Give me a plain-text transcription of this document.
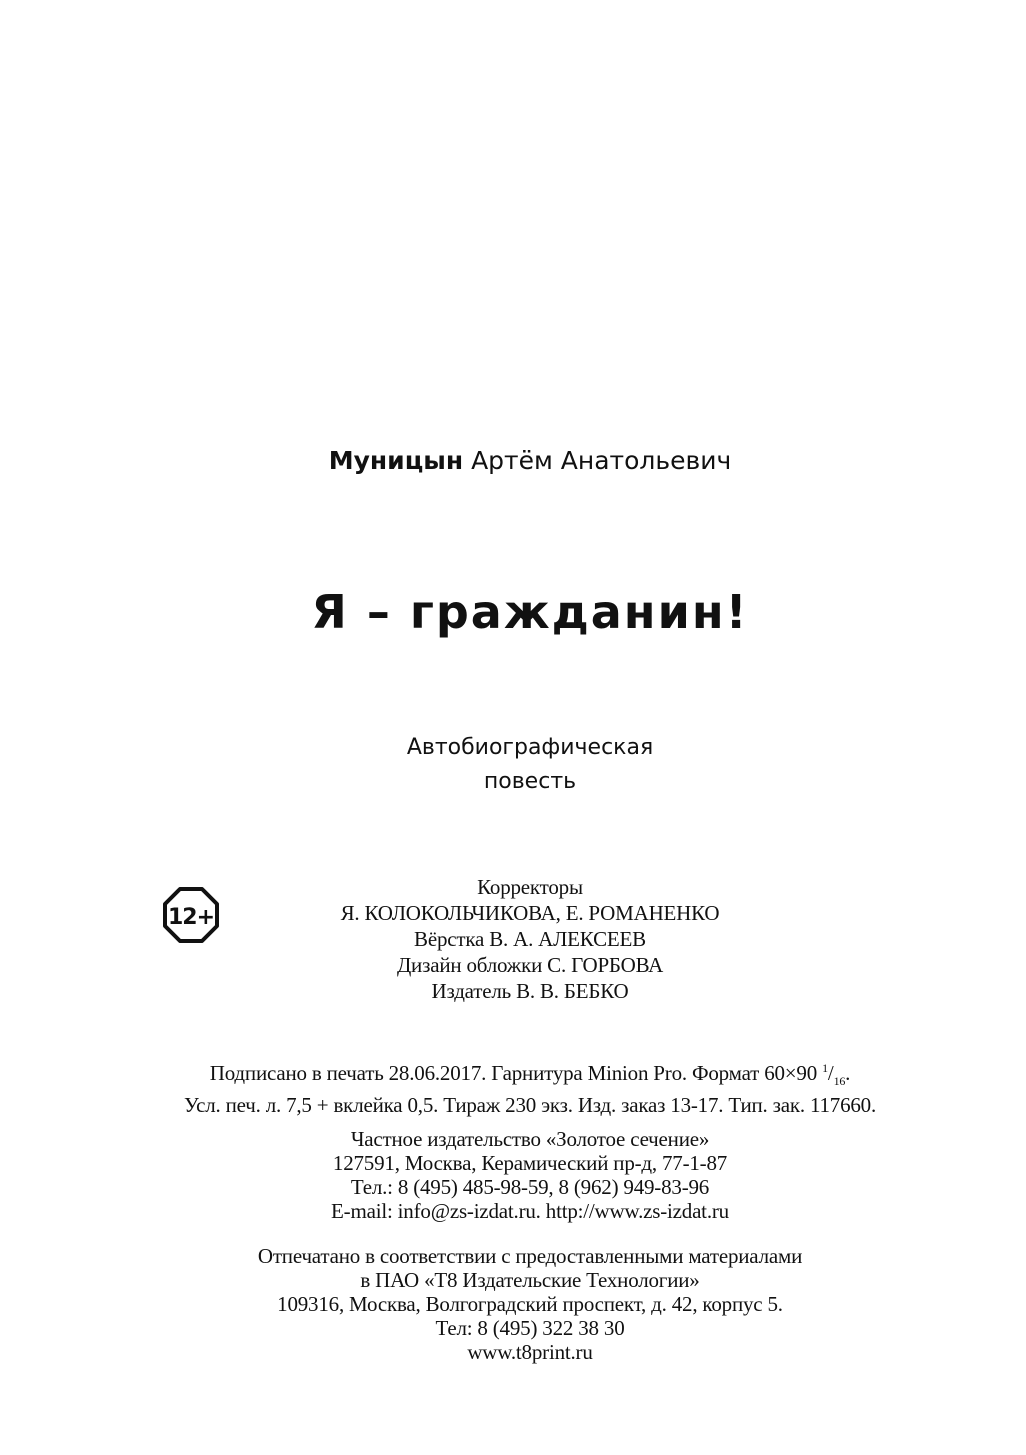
Муницын Артём Анатольевич
Я – гражданин!
Автобиографическая
повесть
12+
Корректоры
Я. КОЛОКОЛЬЧИКОВА, Е. РОМАНЕНКО
Вёрстка В. А. АЛЕКСЕЕВ
Дизайн обложки С. ГОРБОВА
Издатель В. В. БЕБКО
Подписано в печать 28.06.2017. Гарнитура Minion Pro. Формат 60×90 $^1/_{16}$.
Усл. печ. л. 7,5 + вклейка 0,5. Тираж 230 экз. Изд. заказ 13-17. Тип. зак. 117660.
Частное издательство «Золотое сечение»
127591, Москва, Керамический пр-д, 77-1-87
Тел.: 8 (495) 485-98-59, 8 (962) 949-83-96
E-mail: info@zs-izdat.ru. http://www.zs-izdat.ru
Отпечатано в соответствии с предоставленными материалами
в ПАО «Т8 Издательские Технологии»
109316, Москва, Волгоградский проспект, д. 42, корпус 5.
Тел: 8 (495) 322 38 30
www.t8print.ru
